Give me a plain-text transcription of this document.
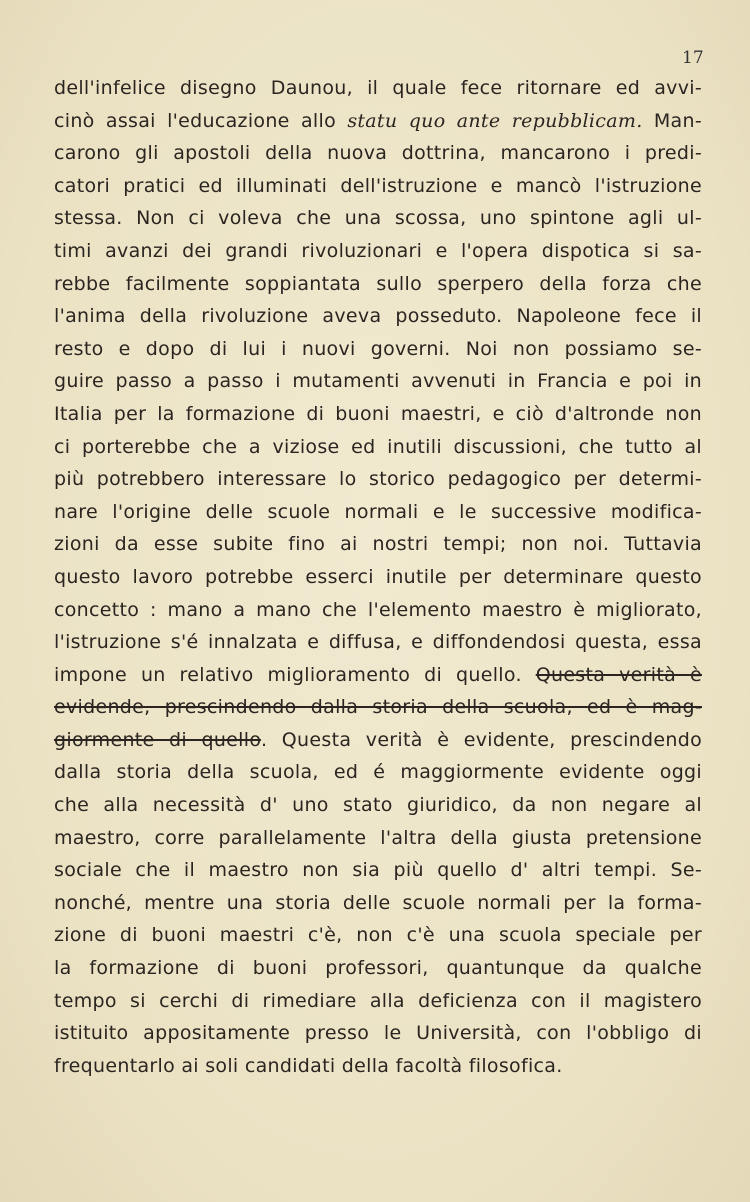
17
dell'infelice disegno Daunou, il quale fece ritornare ed avvi-
cinò assai l'educazione allo statu quo ante repubblicam. Man-
carono gli apostoli della nuova dottrina, mancarono i predi-
catori pratici ed illuminati dell'istruzione e mancò l'istruzione
stessa. Non ci voleva che una scossa, uno spintone agli ul-
timi avanzi dei grandi rivoluzionari e l'opera dispotica si sa-
rebbe facilmente soppiantata sullo sperpero della forza che
l'anima della rivoluzione aveva posseduto. Napoleone fece il
resto e dopo di lui i nuovi governi. Noi non possiamo se-
guire passo a passo i mutamenti avvenuti in Francia e poi in
Italia per la formazione di buoni maestri, e ciò d'altronde non
ci porterebbe che a viziose ed inutili discussioni, che tutto al
più potrebbero interessare lo storico pedagogico per determi-
nare l'origine delle scuole normali e le successive modifica-
zioni da esse subite fino ai nostri tempi; non noi. Tuttavia
questo lavoro potrebbe esserci inutile per determinare questo
concetto : mano a mano che l'elemento maestro è migliorato,
l'istruzione s'é innalzata e diffusa, e diffondendosi questa, essa
impone un relativo miglioramento di quello. Questa verità è
evidende, prescindendo dalla storia della scuola, ed è mag-
giormente di quello. Questa verità è evidente, prescindendo
dalla storia della scuola, ed é maggiormente evidente oggi
che alla necessità d' uno stato giuridico, da non negare al
maestro, corre parallelamente l'altra della giusta pretensione
sociale che il maestro non sia più quello d' altri tempi. Se-
nonché, mentre una storia delle scuole normali per la forma-
zione di buoni maestri c'è, non c'è una scuola speciale per
la formazione di buoni professori, quantunque da qualche
tempo si cerchi di rimediare alla deficienza con il magistero
istituito appositamente presso le Università, con l'obbligo di
frequentarlo ai soli candidati della facoltà filosofica.
